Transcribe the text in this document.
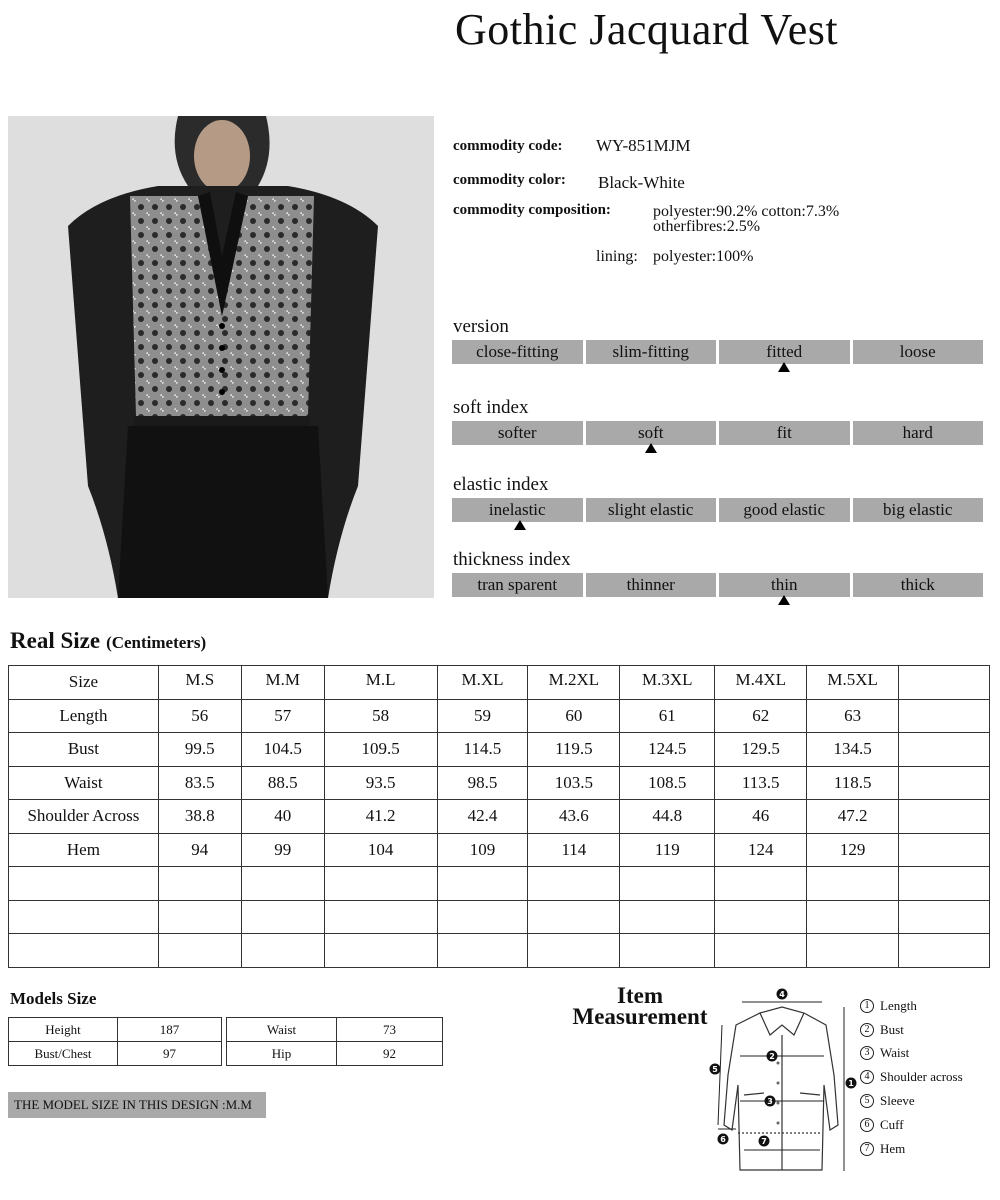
Gothic Jacquard Vest
commodity code: WY-851MJM
commodity color: Black-White
commodity composition:	polyester:90.2% cotton:7.3%
otherfibres:2.5%
lining: polyester:100%
version
close-fitting	slim-fitting	fitted	loose
soft index
softer	soft	fit	hard
elastic index
inelastic	slight elastic	good elastic	big elastic
thickness index
tran sparent	thinner	thin	thick
Real Size (Centimeters)
Size	M.S	M.M	M.L	M.XL	M.2XL	M.3XL	M.4XL	M.5XL	
Length	56	57	58	59	60	61	62	63	
Bust	99.5	104.5	109.5	114.5	119.5	124.5	129.5	134.5	
Waist	83.5	88.5	93.5	98.5	103.5	108.5	113.5	118.5	
Shoulder Across	38.8	40	41.2	42.4	43.6	44.8	46	47.2	
Hem	94	99	104	109	114	119	124	129	

Models Size
Height	187
Bust/Chest	97
Waist	73
Hip	92
THE MODEL SIZE IN THIS DESIGN :M.M
Item
Measurement
4
2
3
7
1
5
6
1 Length
2 Bust
3 Waist
4 Shoulder across
5 Sleeve
6 Cuff
7 Hem
